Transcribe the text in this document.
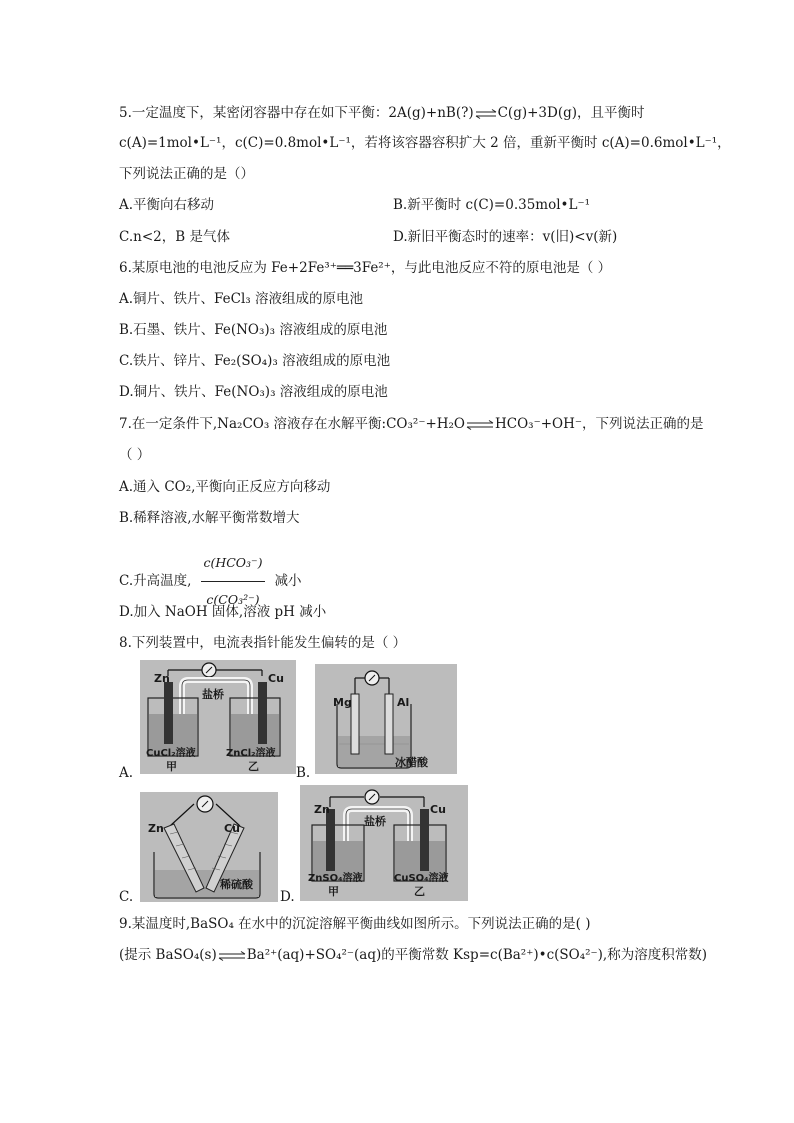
5.一定温度下，某密闭容器中存在如下平衡：2A(g)+nB(?)⇌C(g)+3D(g)，且平衡时
c(A)=1mol•L⁻¹，c(C)=0.8mol•L⁻¹，若将该容器容积扩大 2 倍，重新平衡时 c(A)=0.6mol•L⁻¹，
下列说法正确的是（）
A.平衡向右移动	B.新平衡时 c(C)=0.35mol•L⁻¹
C.n<2，B 是气体	D.新旧平衡态时的速率：v(旧)<v(新)
6.某原电池的电池反应为 Fe+2Fe³⁺══3Fe²⁺，与此电池反应不符的原电池是（ ）
A.铜片、铁片、FeCl₃ 溶液组成的原电池
B.石墨、铁片、Fe(NO₃)₃ 溶液组成的原电池
C.铁片、锌片、Fe₂(SO₄)₃ 溶液组成的原电池
D.铜片、铁片、Fe(NO₃)₃ 溶液组成的原电池
7.在一定条件下,Na₂CO₃ 溶液存在水解平衡:CO₃²⁻+H₂O⇌HCO₃⁻+OH⁻，下列说法正确的是
（ ）
A.通入 CO₂,平衡向正反应方向移动
B.稀释溶液,水解平衡常数增大
C.升高温度, $\frac{\text{c(HCO₃⁻)}}{\text{c(CO₃²⁻)}}$ 减小
D.加入 NaOH 固体,溶液 pH 减小
8.下列装置中，电流表指针能发生偏转的是（ ）
A.
Zn	Cu
盐桥
CuCl₂溶液	ZnCl₂溶液
甲	乙	B.
Mg	Al
冰醋酸
C.
Zn	Cu
稀硫酸
D.
Zn	Cu
盐桥
ZnSO₄溶液	CuSO₄溶液
甲	乙
9.某温度时,BaSO₄ 在水中的沉淀溶解平衡曲线如图所示。下列说法正确的是( )
(提示 BaSO₄(s)⇌Ba²⁺(aq)+SO₄²⁻(aq)的平衡常数 Ksp=c(Ba²⁺)•c(SO₄²⁻),称为溶度积常数)
